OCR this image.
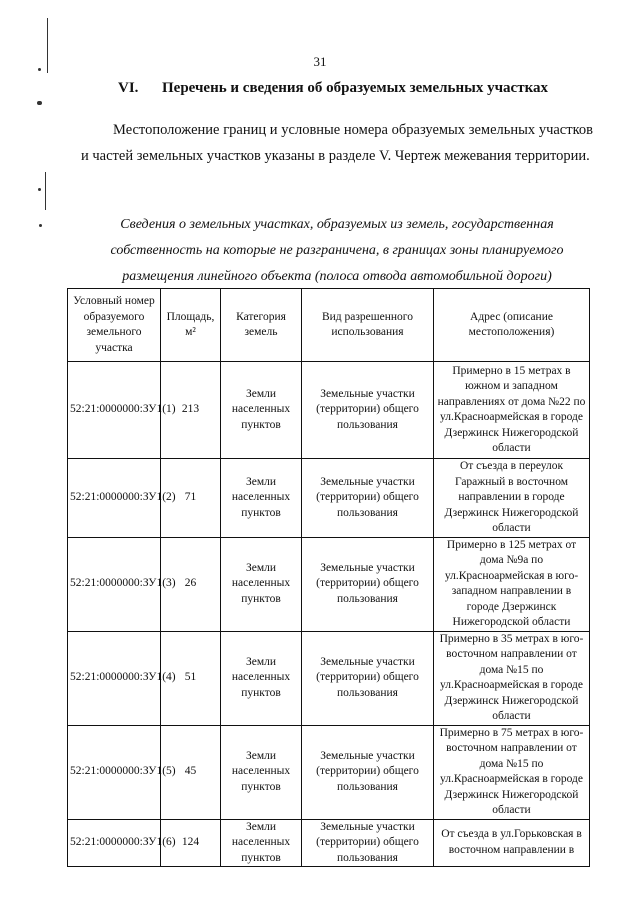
31
VI. Перечень и сведения об образуемых земельных участках
Местоположение границ и условные номера образуемых земельных участков и частей земельных участков указаны в разделе V. Чертеж межевания территории.
Сведения о земельных участках, образуемых из земель, государственная собственность на которые не разграничена, в границах зоны планируемого размещения линейного объекта (полоса отвода автомобильной дороги)
Условный номер образуемого земельного участка	Площадь, м²	Категория земель	Вид разрешенного использования	Адрес (описание местоположения)
52:21:0000000:ЗУ1(1)	213	Земли населенных пунктов	Земельные участки (территории) общего пользования	Примерно в 15 метрах в южном и западном направлениях от дома №22 по ул.Красноармейская в городе Дзержинск Нижегородской области
52:21:0000000:ЗУ1(2)	71	Земли населенных пунктов	Земельные участки (территории) общего пользования	От съезда в переулок Гаражный в восточном направлении в городе Дзержинск Нижегородской области
52:21:0000000:ЗУ1(3)	26	Земли населенных пунктов	Земельные участки (территории) общего пользования	Примерно в 125 метрах от дома №9а по ул.Красноармейская в юго-западном направлении в городе Дзержинск Нижегородской области
52:21:0000000:ЗУ1(4)	51	Земли населенных пунктов	Земельные участки (территории) общего пользования	Примерно в 35 метрах в юго-восточном направлении от дома №15 по ул.Красноармейская в городе Дзержинск Нижегородской области
52:21:0000000:ЗУ1(5)	45	Земли населенных пунктов	Земельные участки (территории) общего пользования	Примерно в 75 метрах в юго-восточном направлении от дома №15 по ул.Красноармейская в городе Дзержинск Нижегородской области
52:21:0000000:ЗУ1(6)	124	Земли населенных пунктов	Земельные участки (территории) общего пользования	От съезда в ул.Горьковская в восточном направлении в
